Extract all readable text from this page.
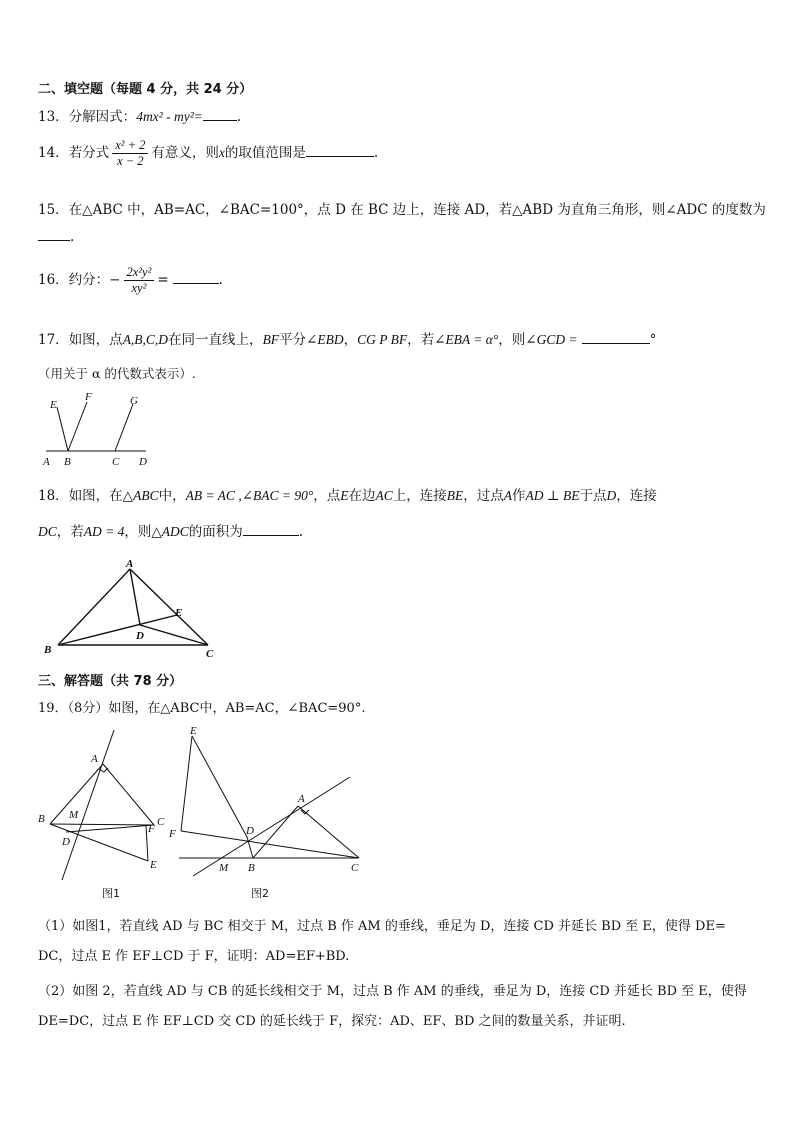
二、填空题（每题 4 分，共 24 分）
13．分解因式：4mx² - my²=	.
14．若分式 $\frac{\text{x² + 2}}{x - 2}$ 有意义，则x的取值范围是	.
15．在△ABC 中，AB=AC，∠BAC=100°，点 D 在 BC 边上，连接 AD，若△ABD 为直角三角形，则∠ADC 的度数为
.
16．约分：− $\frac{\text{2x²y²}}{\text{xy²}}$ =	.
17．如图，点A,B,C,D在同一直线上，BF平分∠EBD，CG P BF，若∠EBA = α°，则∠GCD =	°
（用关于 α 的代数式表示）.
E
F	G
A B	C D
18．如图，在△ABC中，AB = AC ,∠BAC = 90°，点E在边AC上，连接BE，过点A作AD ⊥ BE于点D，连接
DC，若AD = 4，则△ADC的面积为	.
A
B	C
D
E
三、解答题（共 78 分）
19．（8分）如图，在△ABC中，AB=AC，∠BAC=90°.
A
B	C
M
D
F
E
图1
E
A
D
F
M B	C
图2
（1）如图1，若直线 AD 与 BC 相交于 M，过点 B 作 AM 的垂线，垂足为 D，连接 CD 并延长 BD 至 E，使得 DE=
DC，过点 E 作 EF⊥CD 于 F，证明：AD=EF+BD.
（2）如图 2，若直线 AD 与 CB 的延长线相交于 M，过点 B 作 AM 的垂线，垂足为 D，连接 CD 并延长 BD 至 E，使得
DE=DC，过点 E 作 EF⊥CD 交 CD 的延长线于 F，探究：AD、EF、BD 之间的数量关系，并证明.
